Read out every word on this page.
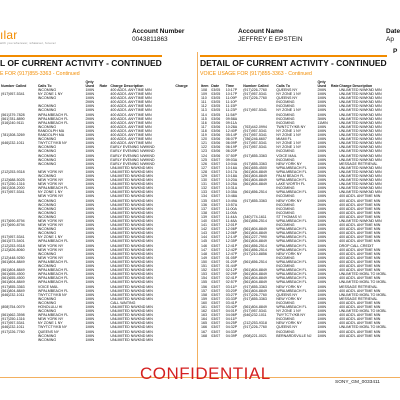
ılar
with you wherever, whatever, forever
Account Number
0043811863
Account Name
JEFFREY E EPSTEIN
Date
Ap
P
L OF CURRENT ACTIVITY - CONTINUED	DETAIL OF CURRENT ACTIVITY - CONTINUED
E FOR (917)855-3363 - Continued	VOICE USAGE FOR (917)855-3363 - Continued
Number Called	Calls To	Qnty Used	Rate	Charge Description	Charge
	INCOMING	1MIN		400 ADD'L ANYTIME MIN	
(917)957-5341	NY ZONE 1 NY	1MIN		400 ADD'L ANYTIME MIN	
	INCOMING	1MIN		400 ADD'L ANYTIME MIN	
		2MIN		400 ADD'L ANYTIME MIN	
	INCOMING	1MIN		400 ADD'L ANYTIME MIN	
	INCOMING	1MIN		400 ADD'L ANYTIME MIN	
(561)379-7828	WPALMBEACH FL	1MIN		400 ADD'L ANYTIME MIN	
(561)781-8890	WPALMBEACH FL	2MIN		400 ADD'L ANYTIME MIN	
(516)240-9111	WPALMBEACH FL	1MIN		400 ADD'L ANYTIME MIN	
	INCOMING	1MIN		400 ADD'L ANYTIME MIN	
	RANDOLPH MA	1MIN		400 ADD'L ANYTIME MIN	
(781)308-3269	RANDOLPH MA	1MIN		400 ADD'L ANYTIME MIN	
	INCOMING	1MIN		400 ADD'L ANYTIME MIN	
(646)232-1011	TWYTCTY/KB NY	1MIN		400 ADD'L ANYTIME MIN	
	INCOMING	1MIN		EARLY EVENING N/WKND	
	INCOMING	1MIN		EARLY EVENING N/WKND	
	INCOMING	1MIN		EARLY EVENING N/WKND	
	INCOMING	1MIN		EARLY EVENING N/WKND	
	INCOMING	1MIN		EARLY EVENING N/WKND	
		1MIN		UNLIMITED N/WKND MIN	
(212)253-9318	NEW YORK NY	1MIN		UNLIMITED N/WKND MIN	
	INCOMING	1MIN		UNLIMITED N/WKND MIN	
(212)688-5025	NEW YORK NY	2MIN		UNLIMITED N/WKND MIN	
(917)250-1316	NEW YORK NY	1MIN		UNLIMITED N/WKND MIN	
(561)308-2000	WPALMBEACH FL	1MIN		UNLIMITED N/WKND MIN	
(917)957-5341	NY ZONE 1 NY	1MIN		UNLIMITED N/WKND MIN	
	NEW YORK NY	1MIN		UNLIMITED N/WKND MIN	
	INCOMING	1MIN		UNLIMITED N/WKND MIN	
	INCOMING	1MIN		UNLIMITED N/WKND MIN	
	INCOMING	1MIN		UNLIMITED N/WKND MIN	
	INCOMING	1MIN		UNLIMITED N/WKND MIN	
	INCOMING	1MIN		UNLIMITED N/WKND MIN	
(917)690-8794	NEW YORK NY	1MIN		UNLIMITED N/WKND MIN	
(917)690-8794	NEW YORK NY	1MIN		UNLIMITED N/WKND MIN	
	INCOMING	1MIN		UNLIMITED N/WKND MIN	
	INCOMING	1MIN		UNLIMITED N/WKND MIN	
(917)957-5341	NY ZONE 1 NY	1MIN		UNLIMITED N/WKND MIN	
(561)573-5401	WPALMBEACH FL	1MIN		UNLIMITED N/WKND MIN	
(212)253-9318	NEW YORK NY	1MIN		UNLIMITED N/WKND MIN	
(212)826-8060	NEW YORK NY	1MIN		UNLIMITED N/WKND MIN	
	INCOMING	1MIN		UNLIMITED N/WKND MIN	
(212)448-9250	NEW YORK NY	1MIN		UNLIMITED N/WKND MIN	
(561)804-8849	WPALMBEACH FL	1MIN		UNLIMITED N/WKND MIN	
	INCOMING	1MIN		UNLIMITED N/WKND MIN	
(561)804-8849	WPALMBEACH FL	1MIN		UNLIMITED N/WKND MIN	
(561)655-4500	WPALMBEACH FL	1MIN		UNLIMITED N/WKND MIN	
(561)655-4500	WPALMBEACH FL	1MIN		UNLIMITED N/WKND MIN	
(561)804-8849	WPALMBEACH FL	1MIN		UNLIMITED N/WKND MIN	
(917)855-3363	VOICE MAIL	1MIN		UNLIMITED N/WKND MIN	
(561)804-8849	WPALMBEACH FL	1MIN		UNLIMITED N/WKND MIN	
(646)232-1011	TWYTCTY/KB NY	1MIN		UNLIMITED N/WKND MIN	
	INCOMING	1MIN		UNLIMITED N/WKND MIN	
	INCOMING	1MIN		CALL WAITING	
(808)754-0079	HONOLULU HI	1MIN		UNLIMITED N/WKND MIN	
	INCOMING	1MIN		UNLIMITED N/WKND MIN	
(561)662-3598	WPALMBEACH FL	1MIN		UNLIMITED N/WKND MIN	
(917)250-1316	NEW YORK NY	1MIN		UNLIMITED N/WKND MIN	
(917)957-5341	NY ZONE 1 NY	1MIN		UNLIMITED N/WKND MIN	
(646)232-1011	TWYTCTY/KB NY	1MIN		UNLIMITED N/WKND MIN	
(917)226-7760	QUEENS NY	1MIN		UNLIMITED N/WKND MIN	
	INCOMING	1MIN		UNLIMITED N/WKND MIN	
	INCOMING	1MIN		UNLIMITED N/WKND MIN	
Item	Date	Time	Number Called	Calls To	Qnty Used	Rate	Charge Description
108	03/05	10:17P	(917)226-7760	QUEENS NY	2MIN		UNLIMITED N/WKND MIN
109	03/05	10:17P	(917)957-5341	NY ZONE 1 NY	1MIN		UNLIMITED N/WKND MIN
110	03/05	11:09P	(917)226-7760	QUEENS NY	1MIN		UNLIMITED N/WKND MIN
111	03/05	11:10P		INCOMING	1MIN		UNLIMITED N/WKND MIN
112	03/05	11:15P		INCOMING	1MIN		UNLIMITED N/WKND MIN
113	03/05	11:23P	(917)957-5341	NY ZONE 1 NY	1MIN		UNLIMITED N/WKND MIN
114	03/05	11:54P		INCOMING	1MIN		UNLIMITED N/WKND MIN
115	03/06	09:58A		INCOMING	3MIN		UNLIMITED N/WKND MIN
116	03/06	09:11A		INCOMING	11MIN		UNLIMITED N/WKND MIN
117	03/06	10:28A	(763)442-0994	TWNTCTY/KB NY	1MIN		UNLIMITED N/WKND MIN
118	03/06	12:40P	(917)957-5341	NY ZONE 1 NY	1MIN		UNLIMITED N/WKND MIN
119	03/06	05:14P	(917)957-5341	NY ZONE 1 NY	1MIN		UNLIMITED N/WKND MIN
120	03/06	06:07P	(786)246-6607	MIAMI FL	1MIN		UNLIMITED N/WKND MIN
121	03/06	06:09P	(917)957-5341	NY ZONE 1 NY	1MIN		UNLIMITED N/WKND MIN
122	03/06	06:19P	(917)957-5341	NY ZONE 1 NY	1MIN		UNLIMITED N/WKND MIN
123	03/06	06:20P		INCOMING	1MIN		UNLIMITED N/WKND MIN
124	03/06	07:50P	(917)855-3363	VOICE MAIL	1MIN		UNLIMITED N/WKND MIN
125	03/07	09:03A		INCOMING	1MIN		UNLIMITED N/WKND MIN
126	03/07	10:04A	(917)855-3363	NEW YORK NY	1MIN		MESSAGE RETRIEVAL
127	03/07	10:16A	(561)655-4500	WPALMBEACH FL	1MIN		UNLIMITED N/WKND MIN
128	03/07	10:17A	(561)804-8849	WPALMBEACH FL	1MIN		UNLIMITED N/WKND MIN
129	03/07	10:18A	(561)804-8849	PALM BEACH FL	2MIN		UNLIMITED N/WKND MIN
130	03/07	10:20A	(561)804-8849	WPALMBEACH FL	1MIN		UNLIMITED N/WKND MIN
131	03/07	10:25A	(561)804-8849	LAKE WORTH FL	1MIN		UNLIMITED N/WKND MIN
132	03/07	10:31A		INCOMING	1MIN		UNLIMITED N/WKND MIN
133	03/07	10:35A	(561)856-2514	WPALMBEACH FL	1MIN		UNLIMITED N/WKND MIN
134	03/07	10:48A		INCOMING	1MIN		400 ADD'L ANYTIME MIN
135	03/07	10:49A	(917)855-3363	NEW YORK NY	1MIN		400 ADD'L ANYTIME MIN
136	03/07	10:57A		INCOMING	2MIN		400 ADD'L ANYTIME MIN
137	03/07	11:00A		INCOMING	1MIN		400 ADD'L ANYTIME MIN
138	03/07	11:09A		INCOMING	1MIN		400 ADD'L ANYTIME MIN
139	03/07	11:44A	(340)774-1611	ST THOMAS VI	1MIN		400 ADD'L ANYTIME MIN
140	03/07	11:48A	(561)856-2514	WPALMBEACH FL	1MIN		UNLIMITED N/WKND MIN
141	03/07	12:01P		INCOMING	1MIN		400 ADD'L ANYTIME MIN
142	03/07	12:06P	(561)804-8849	WPALMBEACH FL	1MIN		400 ADD'L ANYTIME MIN
143	03/07	12:06P	(561)804-8849	WPALMBEACH FL	1MIN		400 ADD'L ANYTIME MIN
144	03/07	12:14P	(561)227-7990	WPALMBEACH FL	1MIN		400 ADD'L ANYTIME MIN
145	03/07	12:35P	(561)804-8849	WPALMBEACH FL	1MIN		400 ADD'L ANYTIME MIN
146	03/07	12:41P	(561)856-2514	WPALMBEACH FL	1MIN		DROP CALL CREDIT
147	03/07	12:42P	(561)856-2514	WPALMBEACH FL	1MIN		400 ADD'L ANYTIME MIN
148	03/07	12:47P	(917)210-8856	NEW YORK NY	1MIN		400 ADD'L ANYTIME MIN
149	03/07	01:05P		INCOMING	1MIN		400 ADD'L ANYTIME MIN
150	03/07	01:20P	(561)856-2514	WPALMBEACH FL	1MIN		400 ADD'L ANYTIME MIN
151	03/07	01:44P		INCOMING	1MIN		400 ADD'L ANYTIME MIN
152	03/07	02:12P	(561)804-8849	WPALMBEACH FL	1MIN		400 ADD'L ANYTIME MIN
153	03/07	02:29P	(561)804-8849	WPALMBEACH FL	1MIN		UNLIMITED MOBL TO MOBL
154	03/07	02:41P	(561)804-8849	WPALMBEACH FL	1MIN		400 ADD'L ANYTIME MIN
155	03/07	02:57P	(561)804-8849	WPALMBEACH FL	1MIN		UNLIMITED MOBL TO MOBL
156	03/07	03:11P	(917)855-3363	NEW YORK NY	1MIN		MESSAGE RETRIEVAL
157	03/07	03:20P	(561)804-8849	WPALMBEACH FL	1MIN		400 ADD'L ANYTIME MIN
158	03/07	03:27P	(917)226-7760	QUEENS NY	1MIN		UNLIMITED MOBL TO MOBL
159	03/07	03:33P	(917)855-3363	NEW YORK NY	1MIN		MESSAGE RETRIEVAL
160	03/07	03:41P		INCOMING	1MIN		400 ADD'L ANYTIME MIN
161	03/07	03:42P	(561)804-8849	WPALMBEACH FL	1MIN		400 ADD'L ANYTIME MIN
162	03/07	04:01P	(917)957-5341	NY ZONE 1 NY	1MIN		UNLIMITED MOBL TO MOBL
163	03/07	04:06P	(646)232-1011	TWYTCTY/KB NY	1MIN		400 ADD'L ANYTIME MIN
164	03/07	04:11P		INCOMING	1MIN		400 ADD'L ANYTIME MIN
165	03/07	04:25P	(212)253-9318	NEW YORK NY	1MIN		400 ADD'L ANYTIME MIN
166	03/07	04:32P	(917)226-7760	QUEENS NY	1MIN		UNLIMITED MOBL TO MOBL
167	03/07	04:33P		INCOMING	1MIN		400 ADD'L ANYTIME MIN
168	03/07	04:39P	(908)221-0021	BERNARDSVILLE NJ	1MIN		400 ADD'L ANYTIME MIN
CONFIDENTIAL	SONY_GM_0033411
